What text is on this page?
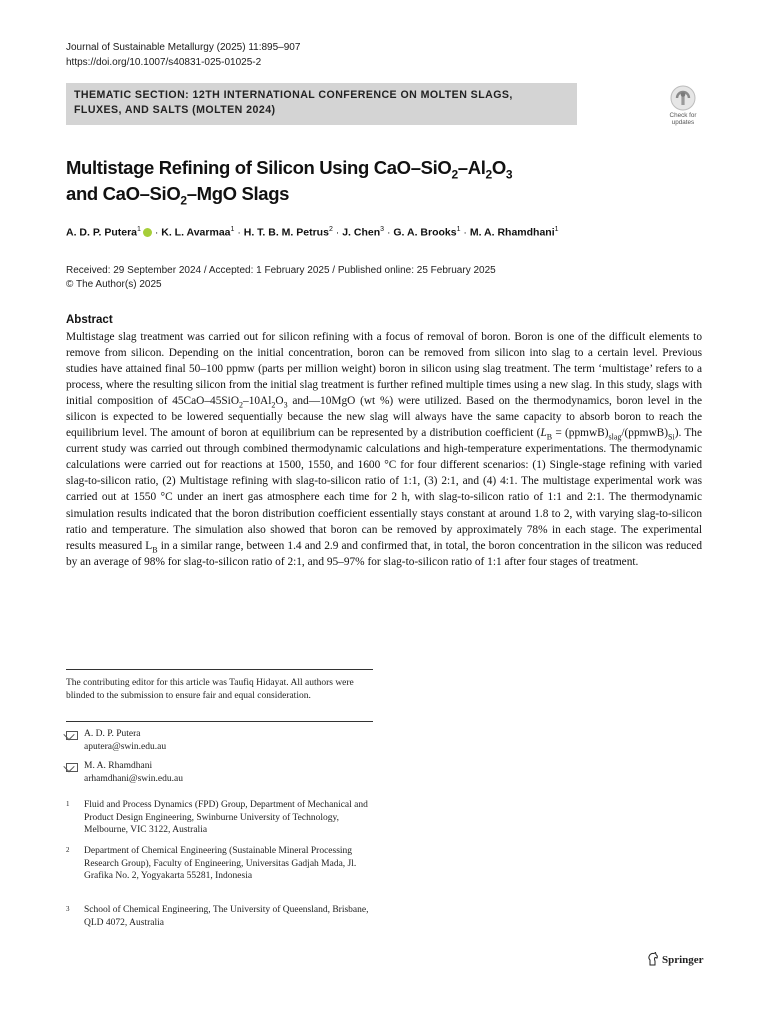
Journal of Sustainable Metallurgy (2025) 11:895–907
https://doi.org/10.1007/s40831-025-01025-2
THEMATIC SECTION: 12TH INTERNATIONAL CONFERENCE ON MOLTEN SLAGS,
FLUXES, AND SALTS (MOLTEN 2024)	Check for
updates
Multistage Refining of Silicon Using CaO–$SiO_2-Al_2O_3$
and CaO–SiO$_2$–MgO Slags
A. D. P. Putera$^1$ · K. L. Avarmaa$^1$ · H. T. B. M. Petrus$^2$ · J. Chen$^3$ · G. A. Brooks$^1$ · M. A. Rhamdhani$^1$
Received: 29 September 2024 / Accepted: 1 February 2025 / Published online: 25 February 2025
© The Author(s) 2025
Abstract
Multistage slag treatment was carried out for silicon refining with a focus of removal of boron. Boron is one of the difficult elements to remove from silicon. Depending on the initial concentration, boron can be removed from silicon into slag to a certain level. Previous studies have attained final 50–100 ppmw (parts per million weight) boron in silicon using slag treatment. The term ‘multistage’ refers to a process, where the resulting silicon from the initial slag treatment is further refined multiple times using a new slag. In this study, slags with initial composition of $45CaO-45SiO_2-10Al_2O_3$ and—10MgO (wt %) were utilized. Based on the thermodynamics, boron level in the silicon is expected to be lowered sequentially because the new slag will always have the same capacity to absorb boron to reach the equilibrium level. The amount of boron at equilibrium can be represented by a distribution coefficient ($L_B$ = $(ppmwB)_{slag}/(ppmwB)_{Si}$). The current study was carried out through combined thermodynamic calculations and high-temperature experimentations. The thermodynamic calculations were carried out for reactions at 1500, 1550, and 1600 °C for four different scenarios: (1) Single-stage refining with varied slag-to-silicon ratio, (2) Multistage refining with slag-to-silicon ratio of 1:1, (3) 2:1, and (4) 4:1. The multistage experimental work was carried out at 1550 °C under an inert gas atmosphere each time for 2 h, with slag-to-silicon ratio of 1:1 and 2:1. The thermodynamic simulation results indicated that the boron distribution coefficient essentially stays constant at around 1.8 to 2, with varying slag-to-silicon ratio and temperature. The simulation also showed that boron can be removed by approximately 78% in each stage. The experimental results measured $L_B$ in a similar range, between 1.4 and 2.9 and confirmed that, in total, the boron concentration in the silicon was reduced by an average of 98% for slag-to-silicon ratio of 2:1, and 95–97% for slag-to-silicon ratio of 1:1 after four stages of treatment.
The contributing editor for this article was Taufiq Hidayat. All authors were blinded to the submission to ensure fair and equal consideration.
A. D. P. Putera
aputera@swin.edu.au
M. A. Rhamdhani
arhamdhani@swin.edu.au
1 Fluid and Process Dynamics (FPD) Group, Department of Mechanical and Product Design Engineering, Swinburne University of Technology, Melbourne, VIC 3122, Australia
2 Department of Chemical Engineering (Sustainable Mineral Processing Research Group), Faculty of Engineering, Universitas Gadjah Mada, Jl. Grafika No. 2, Yogyakarta 55281, Indonesia
3 School of Chemical Engineering, The University of Queensland, Brisbane, QLD 4072, Australia
Springer
